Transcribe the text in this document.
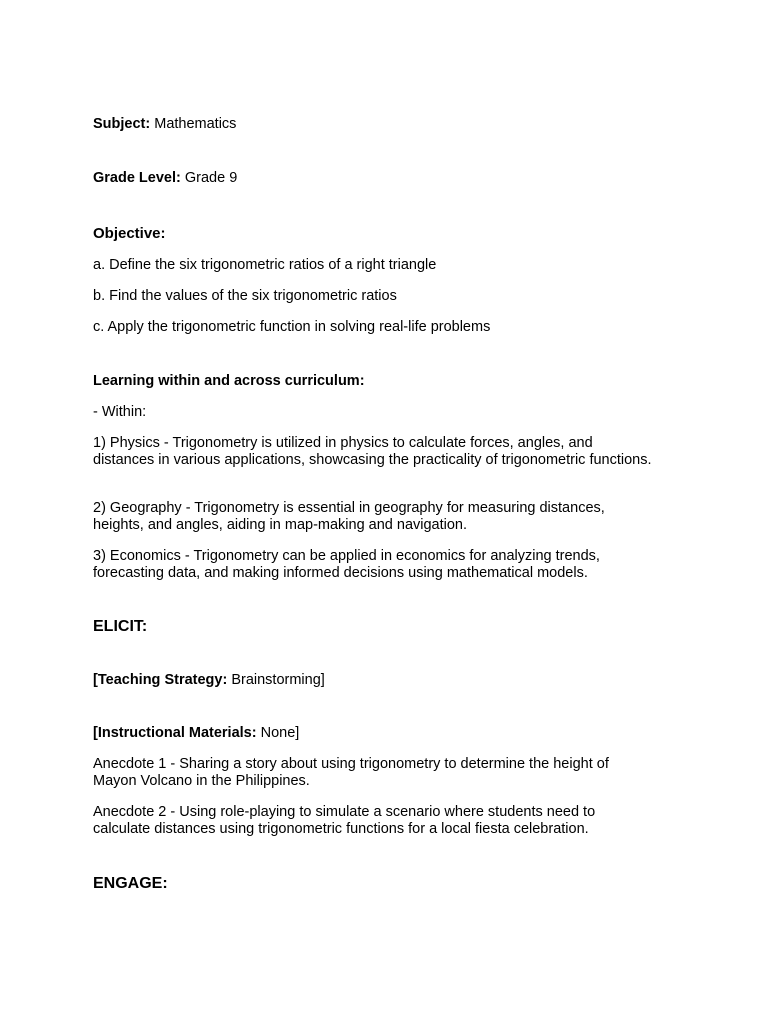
Subject: Mathematics

Grade Level: Grade 9

Objective:

a. Define the six trigonometric ratios of a right triangle

b. Find the values of the six trigonometric ratios

c. Apply the trigonometric function in solving real-life problems

Learning within and across curriculum:

- Within:

1) Physics - Trigonometry is utilized in physics to calculate forces, angles, and distances in various applications, showcasing the practicality of trigonometric functions.

2) Geography - Trigonometry is essential in geography for measuring distances, heights, and angles, aiding in map-making and navigation.

3) Economics - Trigonometry can be applied in economics for analyzing trends, forecasting data, and making informed decisions using mathematical models.

ELICIT:

[Teaching Strategy: Brainstorming]

[Instructional Materials: None]

Anecdote 1 - Sharing a story about using trigonometry to determine the height of Mayon Volcano in the Philippines.

Anecdote 2 - Using role-playing to simulate a scenario where students need to calculate distances using trigonometric functions for a local fiesta celebration.

ENGAGE:
